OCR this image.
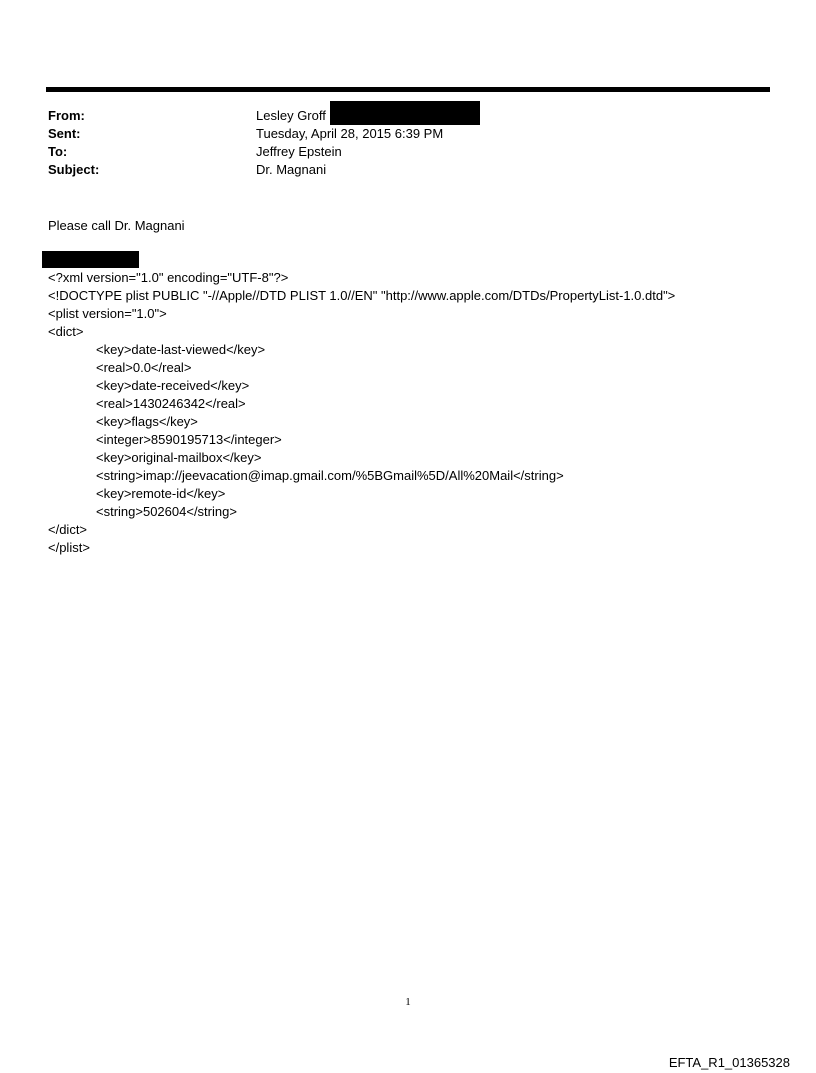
From:	Lesley Groff
Sent:	Tuesday, April 28, 2015 6:39 PM
To:	Jeffrey Epstein
Subject:	Dr. Magnani
Please call Dr. Magnani
<?xml version="1.0" encoding="UTF-8"?>
<!DOCTYPE plist PUBLIC "-//Apple//DTD PLIST 1.0//EN" "http://www.apple.com/DTDs/PropertyList-1.0.dtd">
<plist version="1.0">
<dict>
<key>date-last-viewed</key>
<real>0.0</real>
<key>date-received</key>
<real>1430246342</real>
<key>flags</key>
<integer>8590195713</integer>
<key>original-mailbox</key>
<string>imap://jeevacation@imap.gmail.com/%5BGmail%5D/All%20Mail</string>
<key>remote-id</key>
<string>502604</string>
</dict>
</plist>
1
EFTA_R1_01365328
